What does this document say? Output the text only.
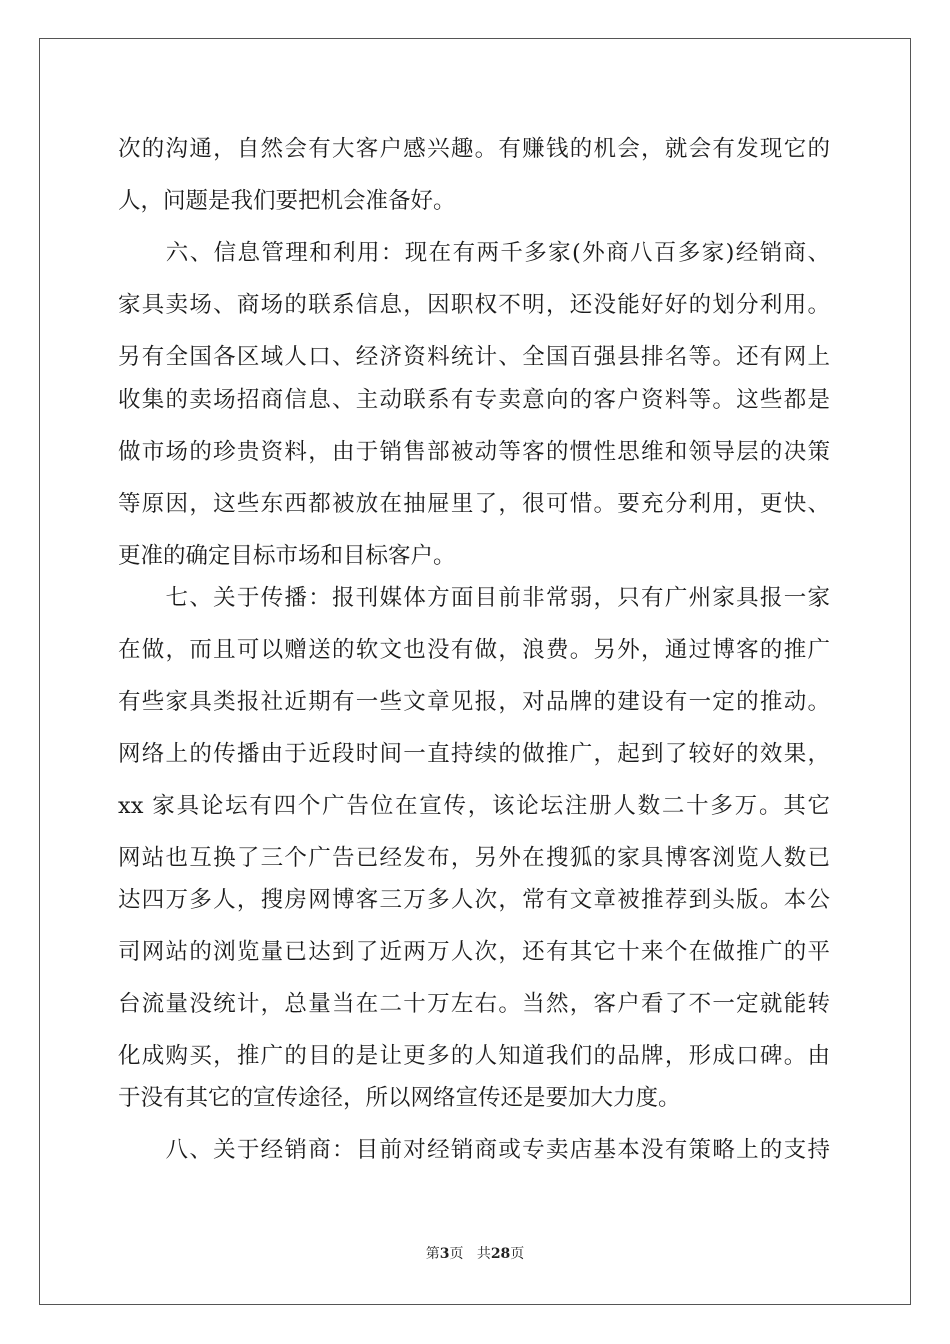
次的沟通，自然会有大客户感兴趣。有赚钱的机会，就会有发现它的
人，问题是我们要把机会准备好。
　　六、信息管理和利用：现在有两千多家(外商八百多家)经销商、
家具卖场、商场的联系信息，因职权不明，还没能好好的划分利用。
另有全国各区域人口、经济资料统计、全国百强县排名等。还有网上
收集的卖场招商信息、主动联系有专卖意向的客户资料等。这些都是
做市场的珍贵资料，由于销售部被动等客的惯性思维和领导层的决策
等原因，这些东西都被放在抽屉里了，很可惜。要充分利用，更快、
更准的确定目标市场和目标客户。
　　七、关于传播：报刊媒体方面目前非常弱，只有广州家具报一家
在做，而且可以赠送的软文也没有做，浪费。另外，通过博客的推广
有些家具类报社近期有一些文章见报，对品牌的建设有一定的推动。
网络上的传播由于近段时间一直持续的做推广，起到了较好的效果，
xx 家具论坛有四个广告位在宣传，该论坛注册人数二十多万。其它
网站也互换了三个广告已经发布，另外在搜狐的家具博客浏览人数已
达四万多人，搜房网博客三万多人次，常有文章被推荐到头版。本公
司网站的浏览量已达到了近两万人次，还有其它十来个在做推广的平
台流量没统计，总量当在二十万左右。当然，客户看了不一定就能转
化成购买，推广的目的是让更多的人知道我们的品牌，形成口碑。由
于没有其它的宣传途径，所以网络宣传还是要加大力度。
　　八、关于经销商：目前对经销商或专卖店基本没有策略上的支持
第3页 共28页
